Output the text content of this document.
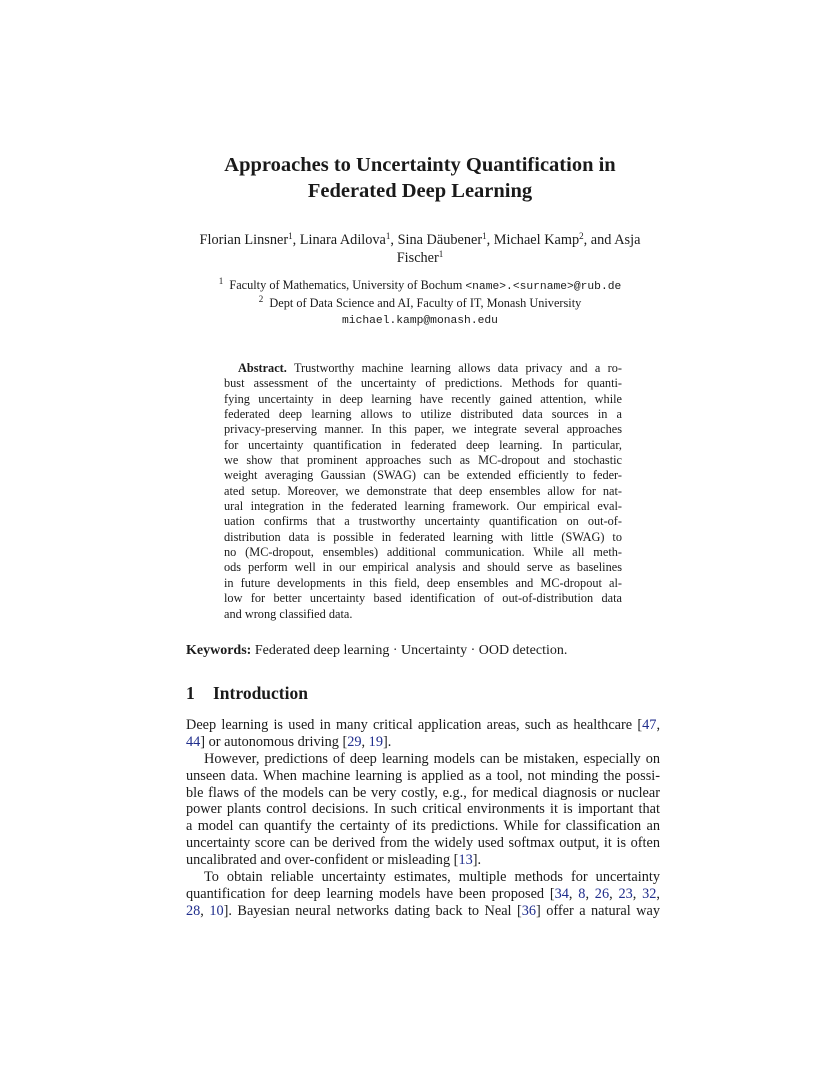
Approaches to Uncertainty Quantification in
Federated Deep Learning
Florian Linsner$^1$, Linara Adilova$^1$, Sina Däubener$^1$, Michael Kamp$^2$, and Asja
Fischer$^1$
$^1$ Faculty of Mathematics, University of Bochum <name>.<surname>@rub.de
$^2$ Dept of Data Science and AI, Faculty of IT, Monash University
michael.kamp@monash.edu
Abstract. Trustworthy machine learning allows data privacy and a ro-
bust assessment of the uncertainty of predictions. Methods for quanti-
fying uncertainty in deep learning have recently gained attention, while
federated deep learning allows to utilize distributed data sources in a
privacy-preserving manner. In this paper, we integrate several approaches
for uncertainty quantification in federated deep learning. In particular,
we show that prominent approaches such as MC-dropout and stochastic
weight averaging Gaussian (SWAG) can be extended efficiently to feder-
ated setup. Moreover, we demonstrate that deep ensembles allow for nat-
ural integration in the federated learning framework. Our empirical eval-
uation confirms that a trustworthy uncertainty quantification on out-of-
distribution data is possible in federated learning with little (SWAG) to
no (MC-dropout, ensembles) additional communication. While all meth-
ods perform well in our empirical analysis and should serve as baselines
in future developments in this field, deep ensembles and MC-dropout al-
low for better uncertainty based identification of out-of-distribution data
and wrong classified data.
Keywords: Federated deep learning · Uncertainty · OOD detection.
1 Introduction
Deep learning is used in many critical application areas, such as healthcare [47,
44] or autonomous driving [29, 19].
However, predictions of deep learning models can be mistaken, especially on
unseen data. When machine learning is applied as a tool, not minding the possi-
ble flaws of the models can be very costly, e.g., for medical diagnosis or nuclear
power plants control decisions. In such critical environments it is important that
a model can quantify the certainty of its predictions. While for classification an
uncertainty score can be derived from the widely used softmax output, it is often
uncalibrated and over-confident or misleading [13].
To obtain reliable uncertainty estimates, multiple methods for uncertainty
quantification for deep learning models have been proposed [34, 8, 26, 23, 32,
28, 10]. Bayesian neural networks dating back to Neal [36] offer a natural way
